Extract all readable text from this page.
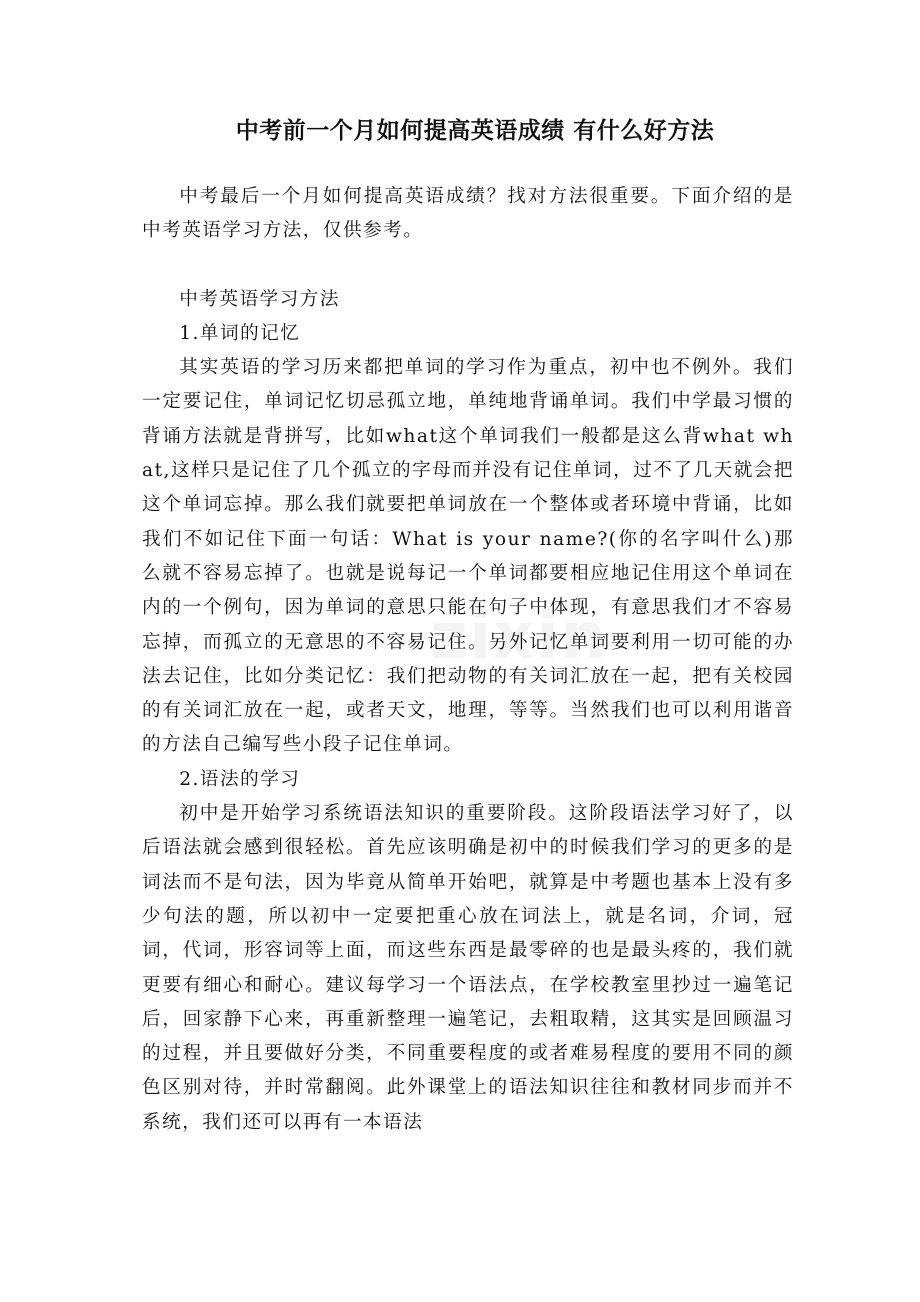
中考前一个月如何提高英语成绩 有什么好方法

中考最后一个月如何提高英语成绩？找对方法很重要。下面介绍的是中考英语学习方法，仅供参考。

中考英语学习方法

1.单词的记忆

其实英语的学习历来都把单词的学习作为重点，初中也不例外。我们一定要记住，单词记忆切忌孤立地，单纯地背诵单词。我们中学最习惯的背诵方法就是背拼写，比如what这个单词我们一般都是这么背what what,这样只是记住了几个孤立的字母而并没有记住单词，过不了几天就会把这个单词忘掉。那么我们就要把单词放在一个整体或者环境中背诵，比如我们不如记住下面一句话：What is your name?(你的名字叫什么)那么就不容易忘掉了。也就是说每记一个单词都要相应地记住用这个单词在内的一个例句，因为单词的意思只能在句子中体现，有意思我们才不容易忘掉，而孤立的无意思的不容易记住。另外记忆单词要利用一切可能的办法去记住，比如分类记忆：我们把动物的有关词汇放在一起，把有关校园的有关词汇放在一起，或者天文，地理，等等。当然我们也可以利用谐音的方法自己编写些小段子记住单词。

2.语法的学习

初中是开始学习系统语法知识的重要阶段。这阶段语法学习好了，以后语法就会感到很轻松。首先应该明确是初中的时候我们学习的更多的是词法而不是句法，因为毕竟从简单开始吧，就算是中考题也基本上没有多少句法的题，所以初中一定要把重心放在词法上，就是名词，介词，冠词，代词，形容词等上面，而这些东西是最零碎的也是最头疼的，我们就更要有细心和耐心。建议每学习一个语法点，在学校教室里抄过一遍笔记后，回家静下心来，再重新整理一遍笔记，去粗取精，这其实是回顾温习的过程，并且要做好分类，不同重要程度的或者难易程度的要用不同的颜色区别对待，并时常翻阅。此外课堂上的语法知识往往和教材同步而并不系统，我们还可以再有一本语法
